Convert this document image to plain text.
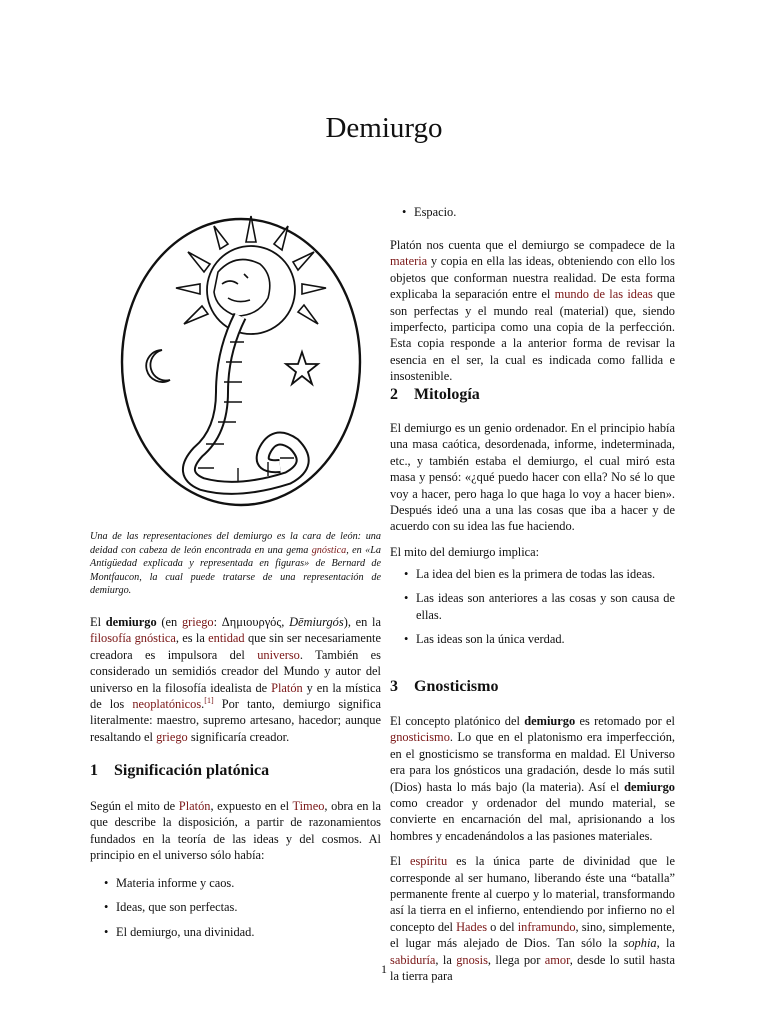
Demiurgo
Una de las representaciones del demiurgo es la cara de león: una deidad con cabeza de león encontrada en una gema gnóstica, en «La Antigüedad explicada y representada en figuras» de Bernard de Montfaucon, la cual puede tratarse de una representación de demiurgo.

El demiurgo (en griego: Δημιουργός, Dēmiurgós), en la filosofía gnóstica, es la entidad que sin ser necesariamente creadora es impulsora del universo. También es considerado un semidiós creador del Mundo y autor del universo en la filosofía idealista de Platón y en la mística de los neoplatónicos.[1] Por tanto, demiurgo significa literalmente: maestro, supremo artesano, hacedor; aunque resaltando el griego significaría creador.

1 Significación platónica

Según el mito de Platón, expuesto en el Timeo, obra en la que describe la disposición, a partir de razonamientos fundados en la teoría de las ideas y del cosmos. Al principio en el universo sólo había:

• Materia informe y caos.
• Ideas, que son perfectas.
• El demiurgo, una divinidad.
• Espacio.

Platón nos cuenta que el demiurgo se compadece de la materia y copia en ella las ideas, obteniendo con ello los objetos que conforman nuestra realidad. De esta forma explicaba la separación entre el mundo de las ideas que son perfectas y el mundo real (material) que, siendo imperfecto, participa como una copia de la perfección. Esta copia responde a la anterior forma de revisar la esencia en el ser, la cual es indicada como fallida e insostenible.

2 Mitología

El demiurgo es un genio ordenador. En el principio había una masa caótica, desordenada, informe, indeterminada, etc., y también estaba el demiurgo, el cual miró esta masa y pensó: «¿qué puedo hacer con ella? No sé lo que voy a hacer, pero haga lo que haga lo voy a hacer bien». Después ideó una a una las cosas que iba a hacer y de acuerdo con su idea las fue haciendo.

El mito del demiurgo implica:

• La idea del bien es la primera de todas las ideas.
• Las ideas son anteriores a las cosas y son causa de ellas.
• Las ideas son la única verdad.
3 Gnosticismo

El concepto platónico del demiurgo es retomado por el gnosticismo. Lo que en el platonismo era imperfección, en el gnosticismo se transforma en maldad. El Universo era para los gnósticos una gradación, desde lo más sutil (Dios) hasta lo más bajo (la materia). Así el demiurgo como creador y ordenador del mundo material, se convierte en encarnación del mal, aprisionando a los hombres y encadenándolos a las pasiones materiales.

El espíritu es la única parte de divinidad que le corresponde al ser humano, liberando éste una “batalla” permanente frente al cuerpo y lo material, transformando así la tierra en el infierno, entendiendo por infierno no el concepto del Hades o del inframundo, sino, simplemente, el lugar más alejado de Dios. Tan sólo la sophia, la sabiduría, la gnosis, llega por amor, desde lo sutil hasta la tierra para

1
